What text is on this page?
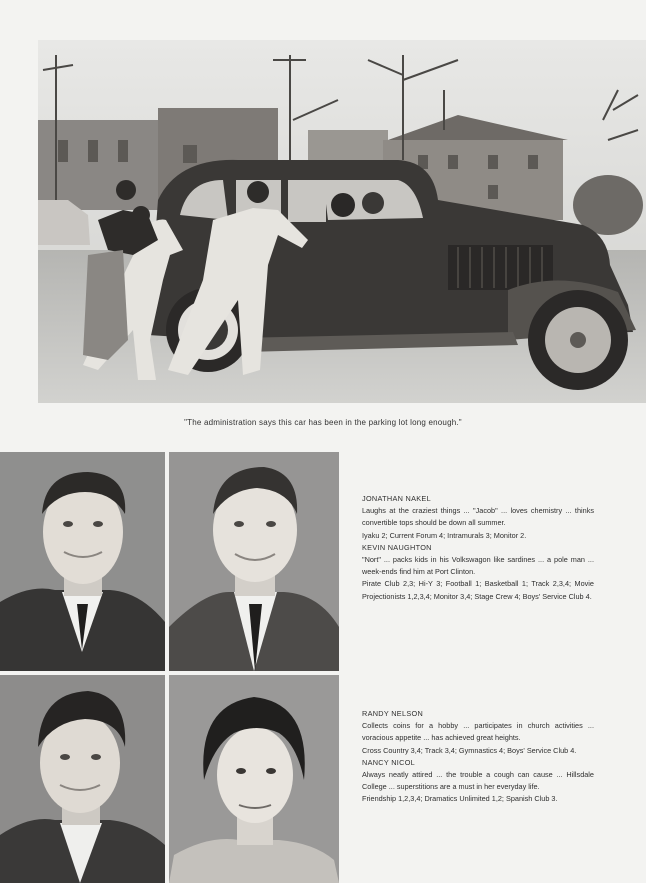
"The administration says this car has been in the parking lot long enough."

JONATHAN NAKEL

Laughs at the craziest things ... "Jacob" ... loves chemistry ... thinks convertible tops should be down all summer.

Iyaku 2; Current Forum 4; Intramurals 3; Monitor 2.

KEVIN NAUGHTON

"Nort" ... packs kids in his Volkswagon like sardines ... a pole man ... week-ends find him at Port Clinton.

Pirate Club 2,3; Hi-Y 3; Football 1; Basketball 1; Track 2,3,4; Movie Projectionists 1,2,3,4; Monitor 3,4; Stage Crew 4; Boys' Service Club 4.

RANDY NELSON

Collects coins for a hobby ... participates in church activities ... voracious appetite ... has achieved great heights.

Cross Country 3,4; Track 3,4; Gymnastics 4; Boys' Service Club 4.

NANCY NICOL

Always neatly attired ... the trouble a cough can cause ... Hillsdale College ... superstitions are a must in her everyday life.

Friendship 1,2,3,4; Dramatics Unlimited 1,2; Spanish Club 3.
